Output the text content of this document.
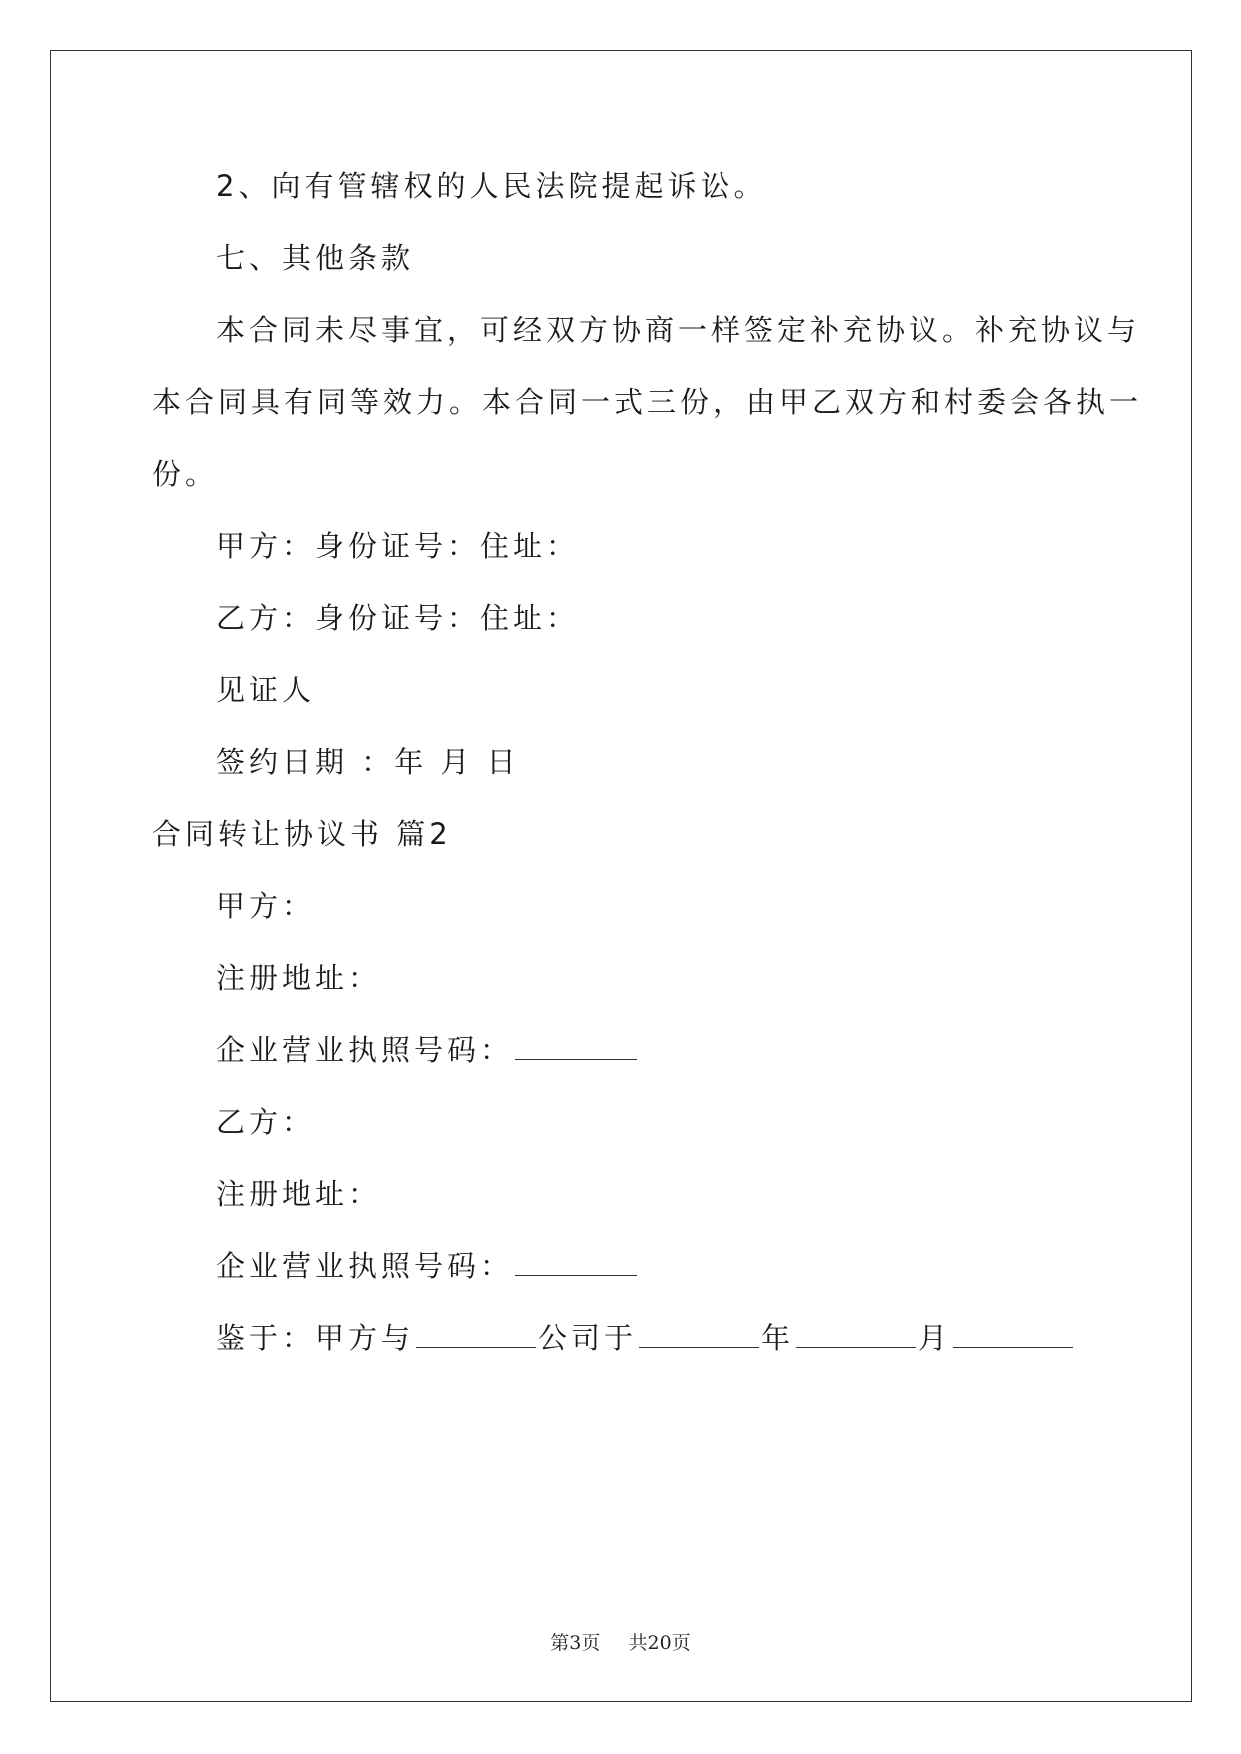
2、向有管辖权的人民法院提起诉讼。
七、其他条款
本合同未尽事宜，可经双方协商一样签定补充协议。补充协议与
本合同具有同等效力。本合同一式三份，由甲乙双方和村委会各执一
份。
甲方：身份证号：住址：
乙方：身份证号：住址：
见证人
签约日期 ：年 月 日
合同转让协议书 篇2
甲方：
注册地址：
企业营业执照号码：
乙方：
注册地址：
企业营业执照号码：
鉴于：甲方与	公司于	年	月
第3页 共20页
